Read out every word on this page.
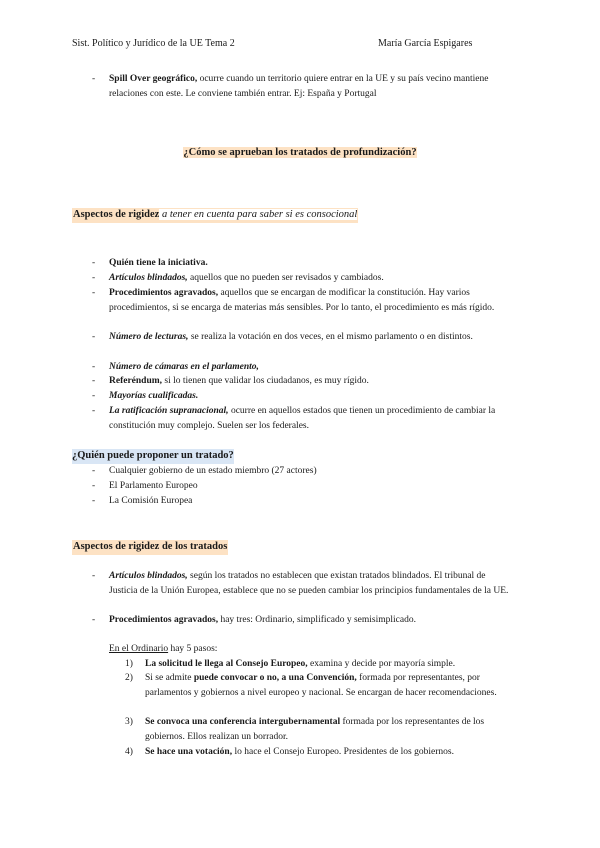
Sist. Político y Jurídico de la UE Tema 2	María García Espigares
-	Spill Over geográfico, ocurre cuando un territorio quiere entrar en la UE y su país vecino mantiene relaciones con este. Le conviene también entrar. Ej: España y Portugal
¿Cómo se aprueban los tratados de profundización?
Aspectos de rigidez a tener en cuenta para saber si es consocional
-	Quién tiene la iniciativa.
-	Artículos blindados, aquellos que no pueden ser revisados y cambiados.
-	Procedimientos agravados, aquellos que se encargan de modificar la constitución. Hay varios procedimientos, si se encarga de materias más sensibles. Por lo tanto, el procedimiento es más rígido.
-	Número de lecturas, se realiza la votación en dos veces, en el mismo parlamento o en distintos.
-	Número de cámaras en el parlamento,
-	Referéndum, si lo tienen que validar los ciudadanos, es muy rígido.
-	Mayorías cualificadas.
-	La ratificación supranacional, ocurre en aquellos estados que tienen un procedimiento de cambiar la constitución muy complejo. Suelen ser los federales.
¿Quién puede proponer un tratado?
-	Cualquier gobierno de un estado miembro (27 actores)
-	El Parlamento Europeo
-	La Comisión Europea
Aspectos de rigidez de los tratados
-	Artículos blindados, según los tratados no establecen que existan tratados blindados. El tribunal de Justicia de la Unión Europea, establece que no se pueden cambiar los principios fundamentales de la UE.
-	Procedimientos agravados, hay tres: Ordinario, simplificado y semisimplicado.
En el Ordinario hay 5 pasos:
1)	La solicitud le llega al Consejo Europeo, examina y decide por mayoría simple.
2)	Si se admite puede convocar o no, a una Convención, formada por representantes, por parlamentos y gobiernos a nivel europeo y nacional. Se encargan de hacer recomendaciones.
3)	Se convoca una conferencia intergubernamental formada por los representantes de los gobiernos. Ellos realizan un borrador.
4)	Se hace una votación, lo hace el Consejo Europeo. Presidentes de los gobiernos.
